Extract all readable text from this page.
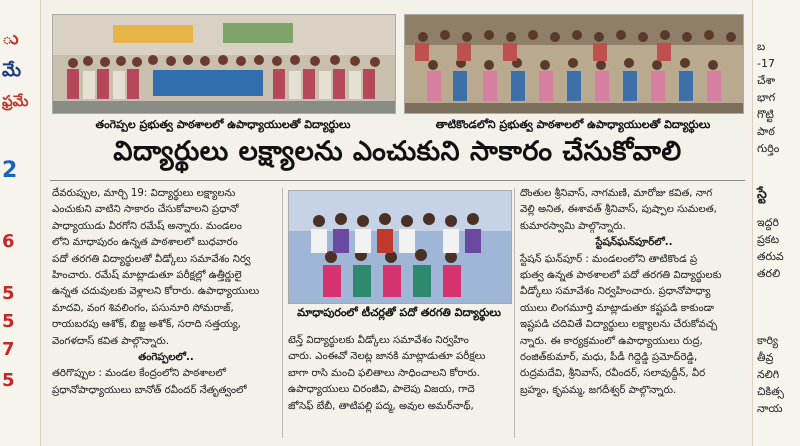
ు
మే
ఫ్రమే
2
6
5
5
7
5
బ
-17
చేశా
భాగ
గొట్టి
పాఠ
గుర్తిం
స్టే
ఇద్దరి
ప్రకట
తరువ
తరలి
కార్యి
తీవ్ర
నలిగి
చికిత్స
నాయ
తంగెప్పల ప్రభుత్వ పాఠశాలలో ఉపాధ్యాయులతో విద్యార్థులు	తాటికొండలోని ప్రభుత్వ పాఠశాలలో ఉపాధ్యాయులతో విద్యార్థులు
విద్యార్థులు లక్ష్యాలను ఎంచుకుని సాకారం చేసుకోవాలి

దేవరుప్పుల, మార్చి 19: విద్యార్థులు లక్ష్యాలను

ఎంచుకుని వాటిని సాకారం చేసుకోవాలని ప్రధానో

పాధ్యాయుడు వీరగోని రమేష్ అన్నారు. మండలం

లోని మాధాపురం ఉన్నత పాఠశాలలో బుధవారం

పదో తరగతి విద్యార్థులతో వీడ్కోలు సమావేశం నిర్వ

హించారు. రమేష్ మాట్లాడుతూ పరీక్షల్లో ఉత్తీర్ణులై

ఉన్నత చదువులకు వెళ్లాలని కోరారు. ఉపాధ్యాయులు

మాదవి, వంగ శివలింగం, పసునూరి సోమరాజ్,

రాయబరపు ఆశోక్, బిజ్జ అశోక్, సరాది సత్తయ్య,

వెంగళదాస్ కవిత పాల్గొన్నారు.

తంగెప్పలలో..

తరిగొప్పుల : మండల కేంద్రంలోని పాఠశాలలో

ప్రధానోపాధ్యాయులు బానోత్ రవీందర్ నేతృత్వంలో

మాధాపురంలో టీచర్లతో పదో తరగతి విద్యార్థులు

టెన్త్ విద్యార్థులకు వీడ్కోలు సమావేశం నిర్వహిం

చారు. ఎంఈవో నెలట్ల జానకి మాట్లాడుతూ పరీక్షలు

బాగా రాసి మంచి ఫలితాలు సాధించాలని కోరారు.

ఉపాధ్యాయులు చిరంజీవి, పాలెపు విజయ, గాదె

జోసెఫ్ బేబీ, తాటిపల్లి పద్మ, అవుల అమర్‌నాథ్,

దొంతుల శ్రీనివాస్, నాగమణి, మారోజు కవిత, నాగ

వెల్లి అనిత, ఈశావత్ శ్రీనివాస్, పుష్పాల సుమలత,

కుమారస్వామి పాల్గొన్నారు.

స్టేషన్‌ఘన్‌పూర్‌లో..

స్టేషన్ ఘన్‌పూర్ : మండలంలోని తాటికొండ ప్ర

భుత్వ ఉన్నత పాఠశాలలో పదో తరగతి విద్యార్థులకు

వీడ్కోలు సమావేశం నిర్వహించారు. ప్రధానోపాధ్యా

యులు లింగమూర్తి మాట్లాడుతూ కష్టపడి కాకుండా

ఇష్టపడి చదివితే విద్యార్థులు లక్ష్యాలను చేరుకోవచ్చ

న్నారు. ఈ కార్యక్రమంలో ఉపాధ్యాయులు రుద్ర,

రంజిత్‌కుమార్, మధు, పీడీ గిద్దెడ్డి ప్రమోద్‌రెడ్డి,

రుద్రమదేవి, శ్రీనివాస్, రవీందర్, సలావుద్దీన్, వీర

బ్రహ్మం, కృపమ్మ, జగదీశ్వర్ పాల్గొన్నారు.
